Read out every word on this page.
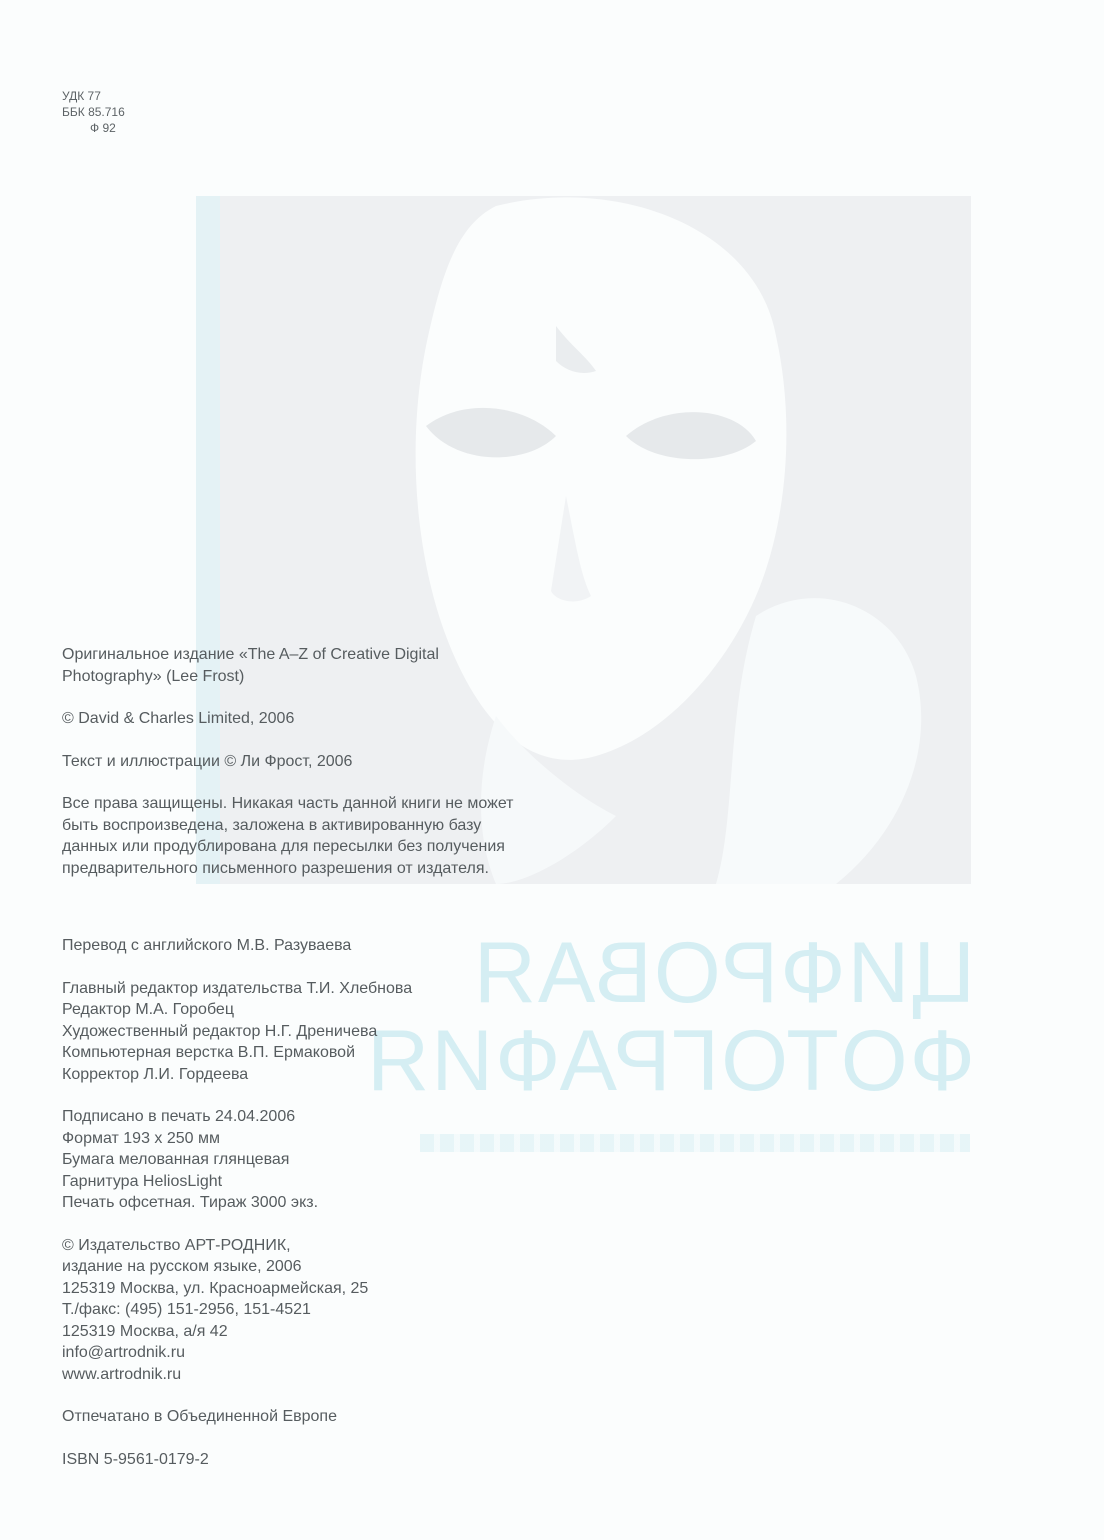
ЦИФРОВАЯ
ФОТОГРАФИЯ
УДК 77
ББК 85.716
Ф 92

Оригинальное издание «The A–Z of Creative Digital

Photography» (Lee Frost)

© David & Charles Limited, 2006

Текст и иллюстрации © Ли Фрост, 2006

Все права защищены. Никакая часть данной книги не может

быть воспроизведена, заложена в активированную базу

данных или продублирована для пересылки без получения

предварительного письменного разрешения от издателя.

Перевод с английского М.В. Разуваева

Главный редактор издательства Т.И. Хлебнова

Редактор М.А. Горобец

Художественный редактор Н.Г. Дреничева

Компьютерная верстка В.П. Ермаковой

Корректор Л.И. Гордеева

Подписано в печать 24.04.2006

Формат 193 x 250 мм

Бумага мелованная глянцевая

Гарнитура HeliosLight

Печать офсетная. Тираж 3000 экз.

© Издательство АРТ-РОДНИК,

издание на русском языке, 2006

125319 Москва, ул. Красноармейская, 25

Т./факс: (495) 151-2956, 151-4521

125319 Москва, а/я 42

info@artrodnik.ru

www.artrodnik.ru

Отпечатано в Объединенной Европе

ISBN 5-9561-0179-2
